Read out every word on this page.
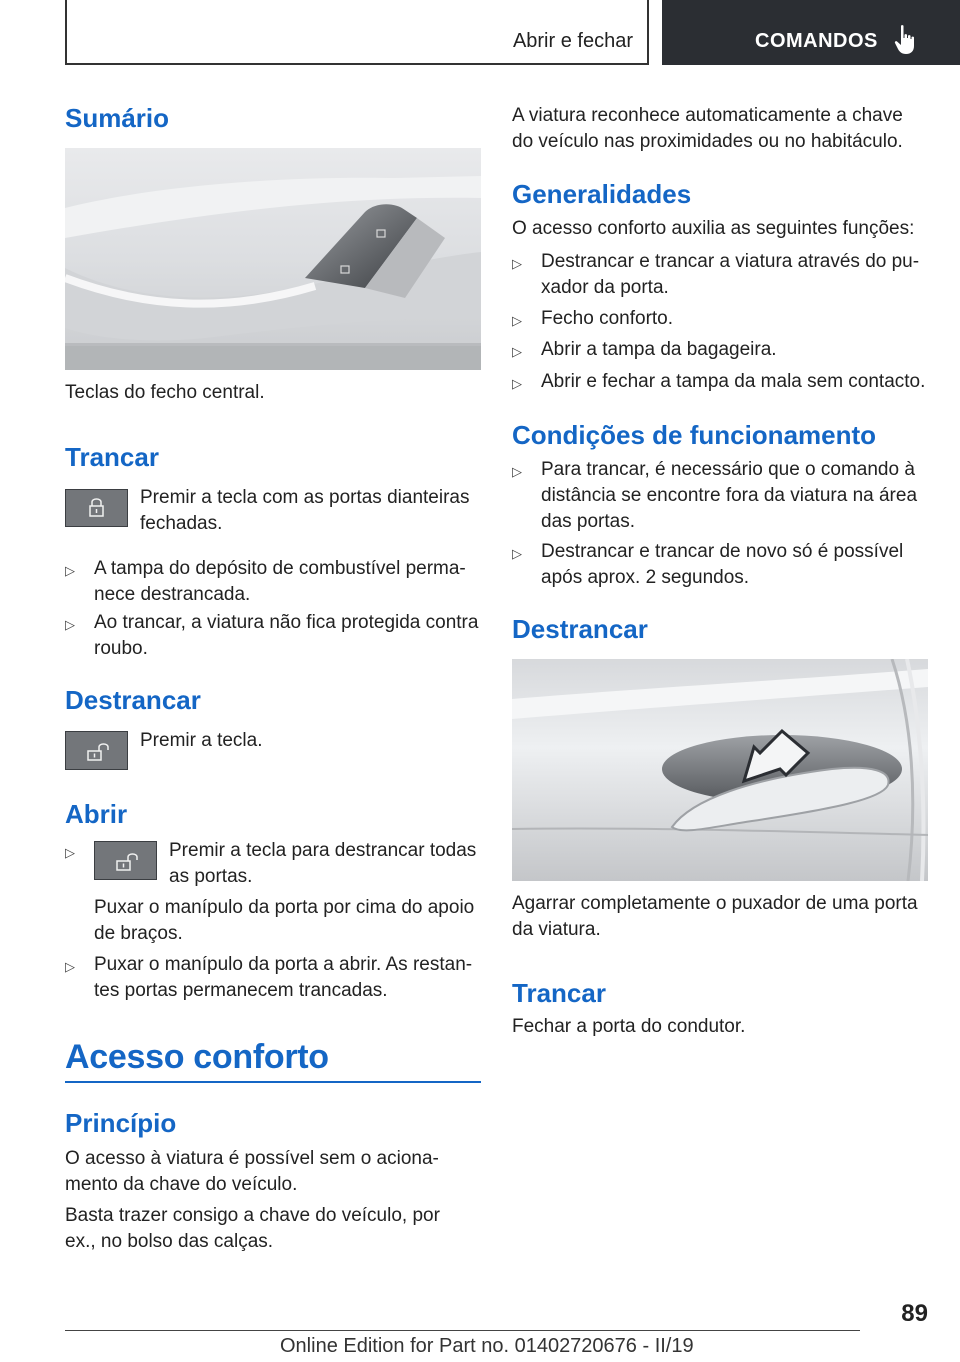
Abrir e fechar	COMANDOS
Sumário

Teclas do fecho central.

Trancar

Premir a tecla com as portas dianteiras fechadas.

▷ A tampa do depósito de combustível perma-nece destrancada.
▷ Ao trancar, a viatura não fica protegida contra roubo.
Destrancar

Premir a tecla.

Abrir
▷	Premir a tecla para destrancar todas as portas.

Puxar o manípulo da porta por cima do apoio de braços.

▷ Puxar o manípulo da porta a abrir. As restan-tes portas permanecem trancadas.
Acesso conforto
Princípio

O acesso à viatura é possível sem o aciona-mento da chave do veículo.

Basta trazer consigo a chave do veículo, por ex., no bolso das calças.

A viatura reconhece automaticamente a chave do veículo nas proximidades ou no habitáculo.

Generalidades

O acesso conforto auxilia as seguintes funções:

▷ Destrancar e trancar a viatura através do pu-xador da porta.
▷ Fecho conforto.
▷ Abrir a tampa da bagageira.
▷ Abrir e fechar a tampa da mala sem contacto.
Condições de funcionamento
▷ Para trancar, é necessário que o comando à distância se encontre fora da viatura na área das portas.
▷ Destrancar e trancar de novo só é possível após aprox. 2 segundos.
Destrancar

Agarrar completamente o puxador de uma porta da viatura.

Trancar

Fechar a porta do condutor.

89
Online Edition for Part no. 01402720676 - II/19
